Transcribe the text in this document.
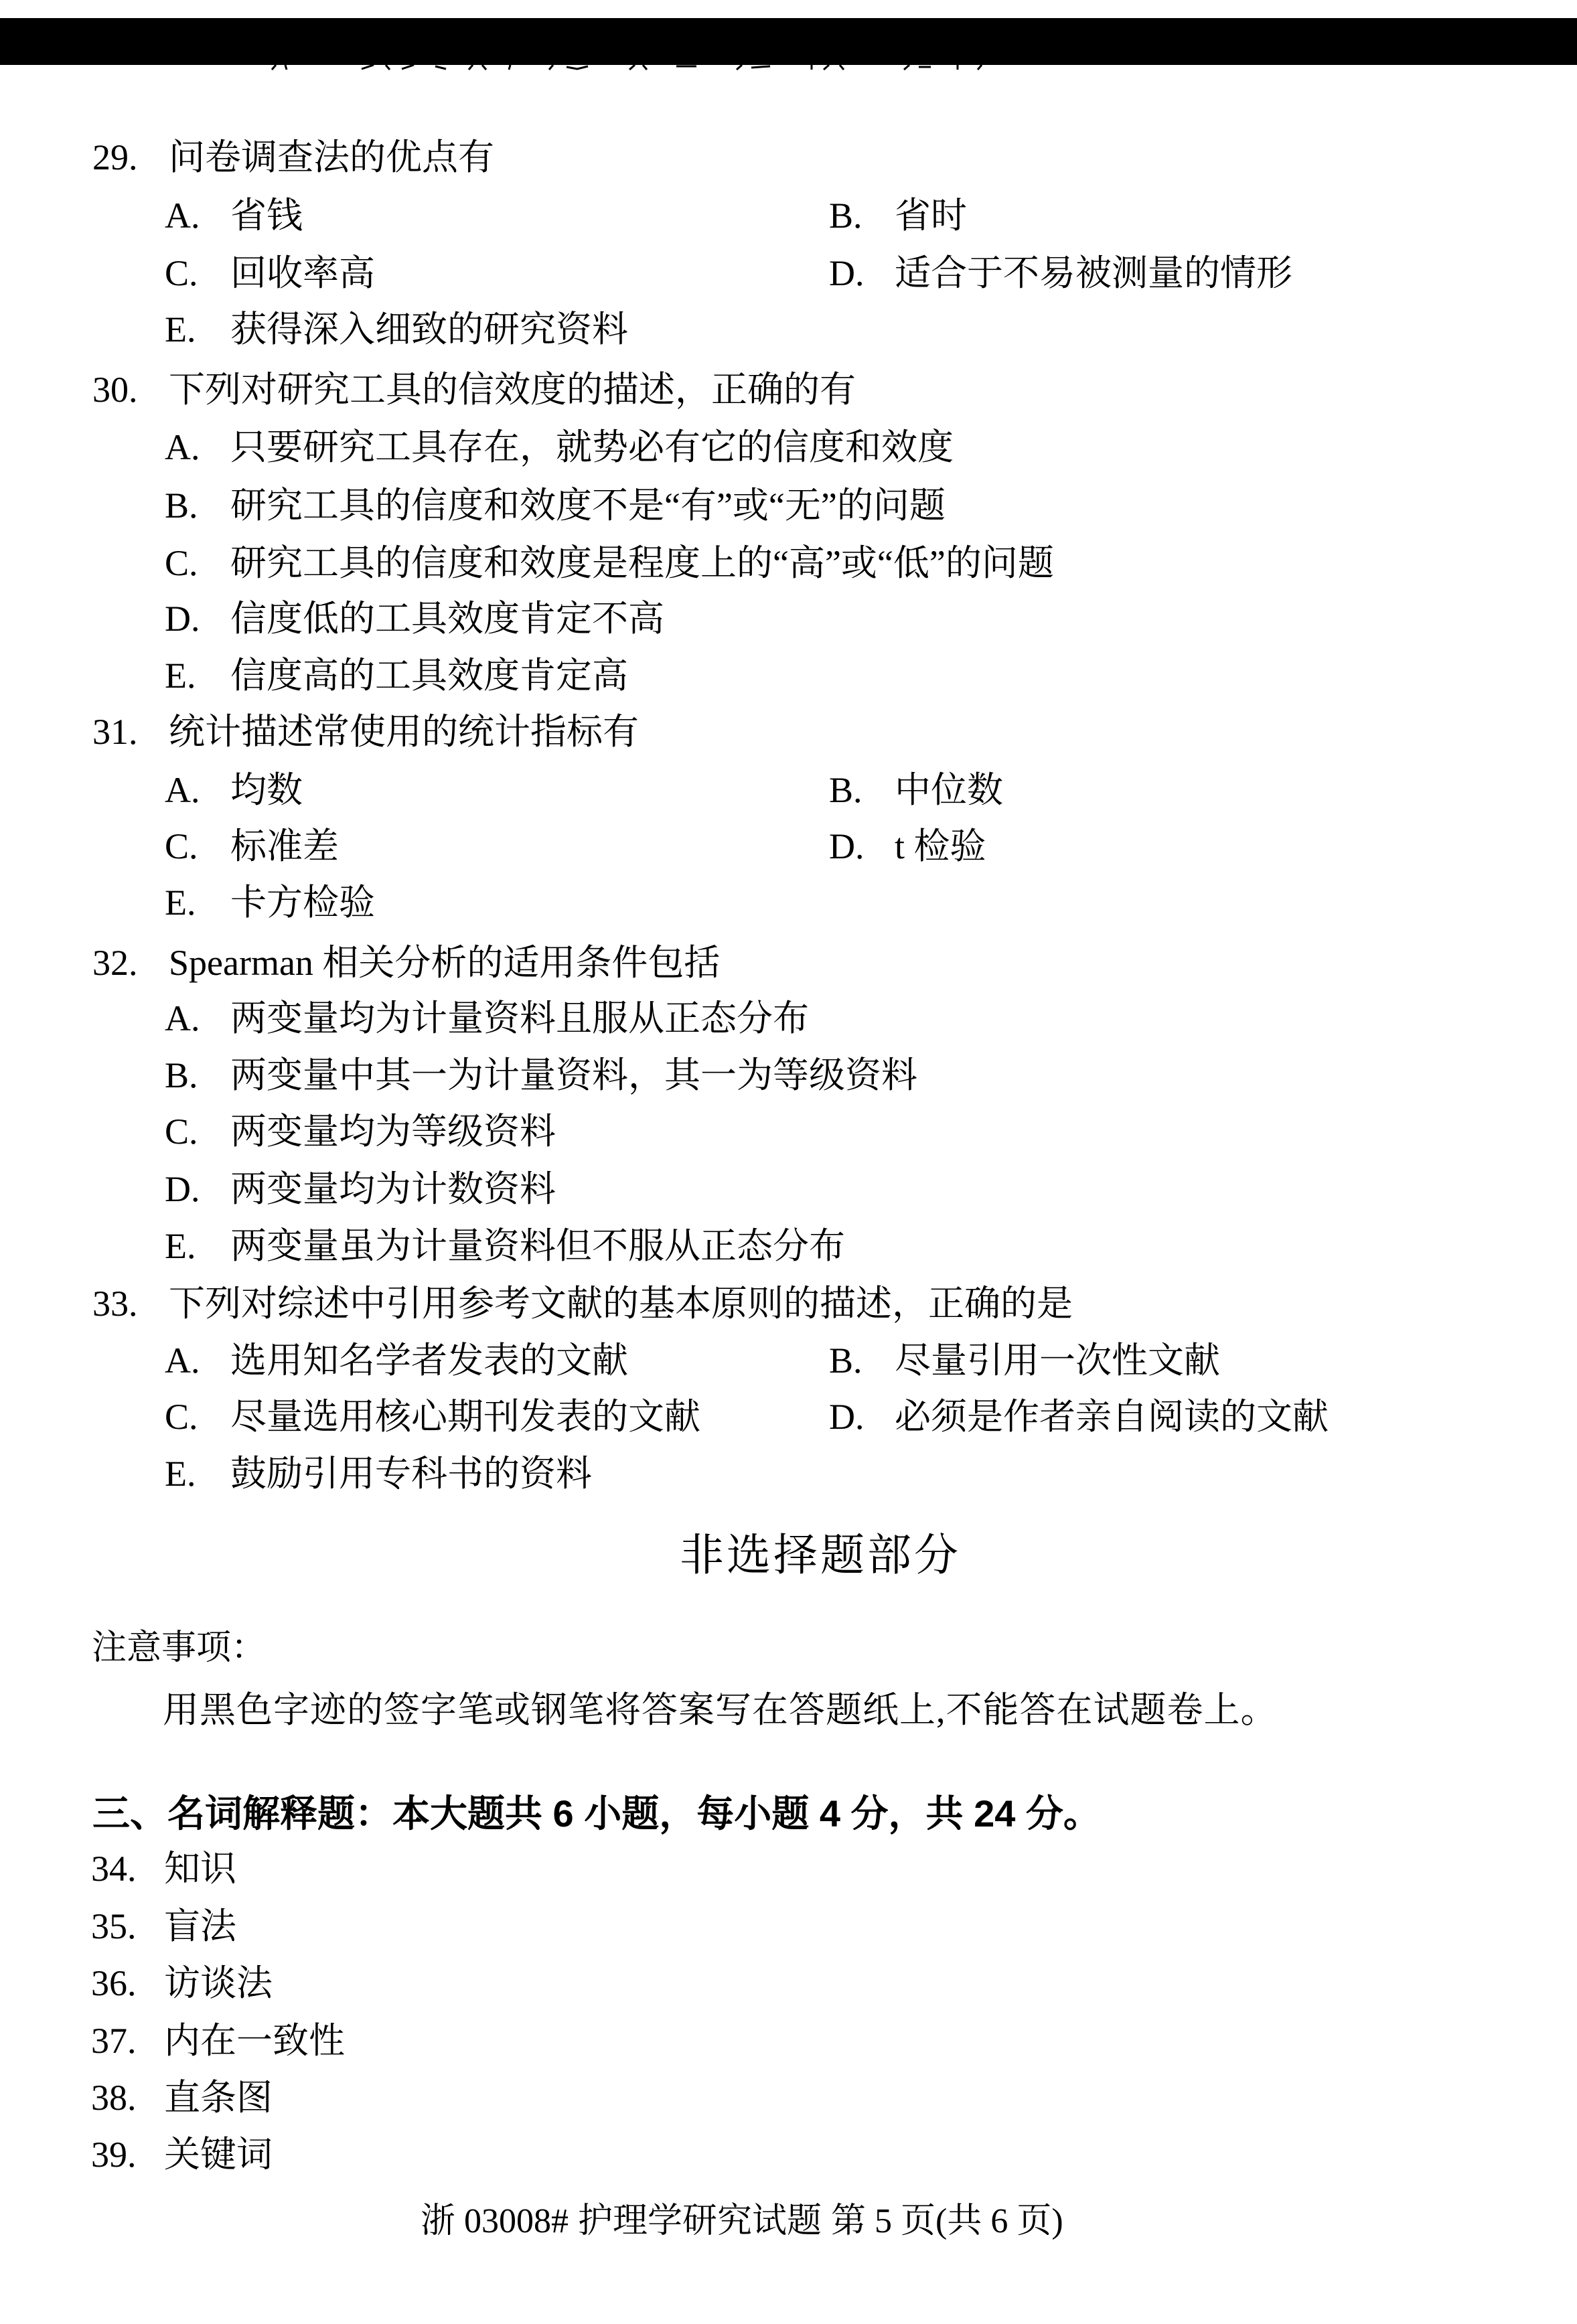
29. 问卷调查法的优点有
A. 省钱	B. 省时
C. 回收率高	D. 适合于不易被测量的情形
E. 获得深入细致的研究资料
30. 下列对研究工具的信效度的描述，正确的有
A. 只要研究工具存在，就势必有它的信度和效度
B. 研究工具的信度和效度不是“有”或“无”的问题
C. 研究工具的信度和效度是程度上的“高”或“低”的问题
D. 信度低的工具效度肯定不高
E. 信度高的工具效度肯定高
31. 统计描述常使用的统计指标有
A. 均数	B. 中位数
C. 标准差	D. t 检验
E. 卡方检验
32. Spearman 相关分析的适用条件包括
A. 两变量均为计量资料且服从正态分布
B. 两变量中其一为计量资料，其一为等级资料
C. 两变量均为等级资料
D. 两变量均为计数资料
E. 两变量虽为计量资料但不服从正态分布
33. 下列对综述中引用参考文献的基本原则的描述，正确的是
A. 选用知名学者发表的文献	B. 尽量引用一次性文献
C. 尽量选用核心期刊发表的文献	D. 必须是作者亲自阅读的文献
E. 鼓励引用专科书的资料
非选择题部分
注意事项：
用黑色字迹的签字笔或钢笔将答案写在答题纸上,不能答在试题卷上。
三、名词解释题：本大题共 6 小题，每小题 4 分，共 24 分。
34. 知识
35. 盲法
36. 访谈法
37. 内在一致性
38. 直条图
39. 关键词
浙 03008# 护理学研究试题 第 5 页(共 6 页)
